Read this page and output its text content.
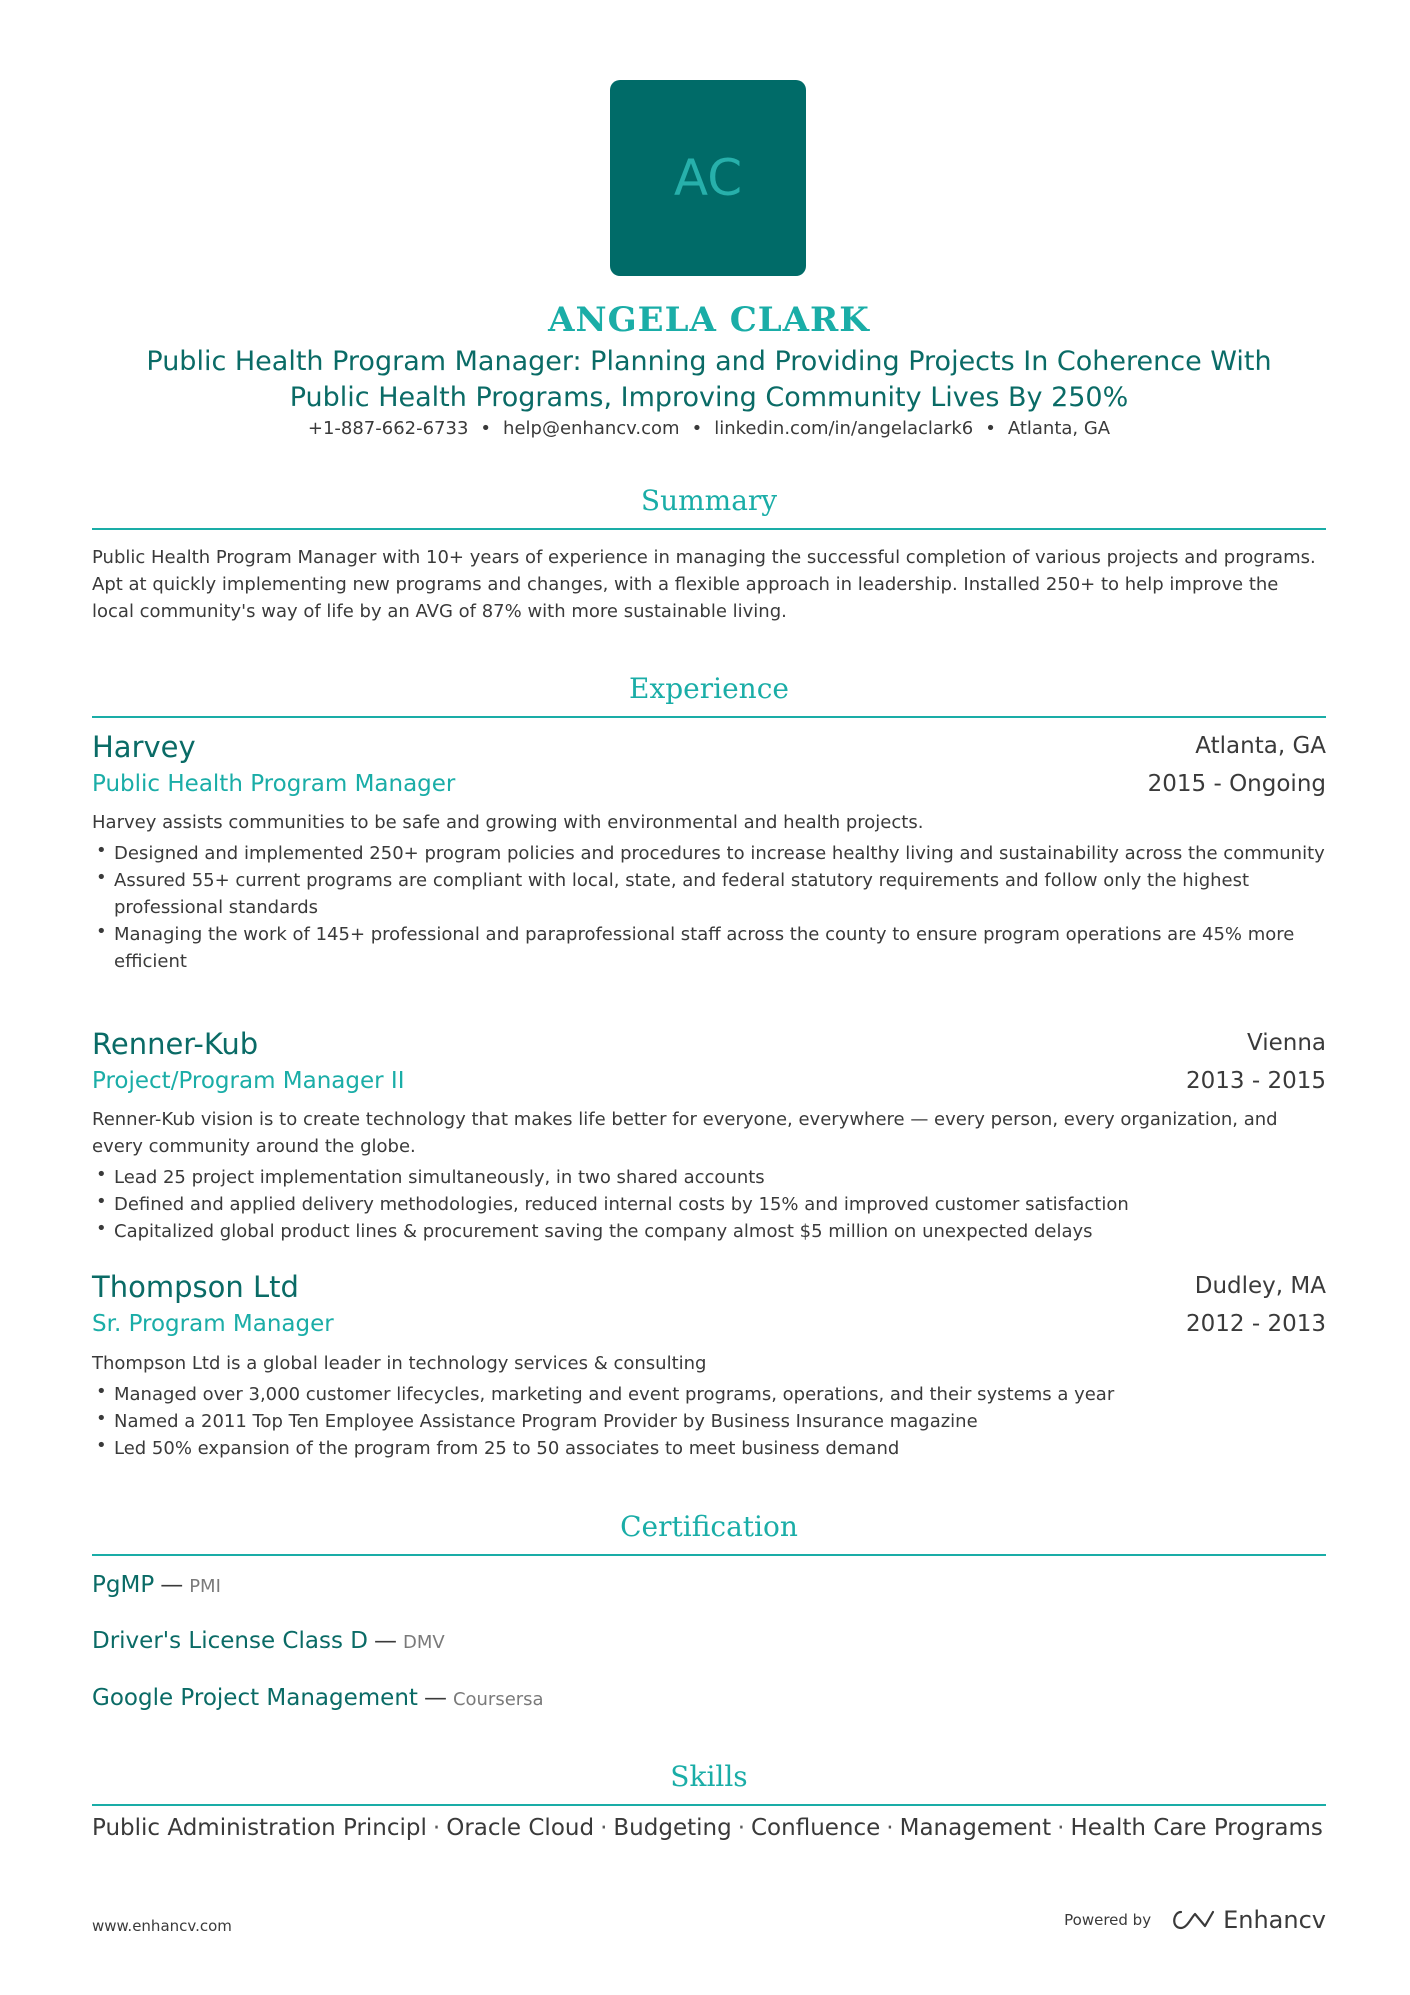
AC
ANGELA CLARK
Public Health Program Manager: Planning and Providing Projects In Coherence With
Public Health Programs, Improving Community Lives By 250%
+1-887-662-6733 • help@enhancv.com • linkedin.com/in/angelaclark6 • Atlanta, GA
Summary
Public Health Program Manager with 10+ years of experience in managing the successful completion of various projects and programs. Apt at quickly implementing new programs and changes, with a flexible approach in leadership. Installed 250+ to help improve the local community's way of life by an AVG of 87% with more sustainable living.
Experience
Harvey	Atlanta, GA
Public Health Program Manager	2015 - Ongoing
Harvey assists communities to be safe and growing with environmental and health projects.
• Designed and implemented 250+ program policies and procedures to increase healthy living and sustainability across the community
• Assured 55+ current programs are compliant with local, state, and federal statutory requirements and follow only the highest professional standards
• Managing the work of 145+ professional and paraprofessional staff across the county to ensure program operations are 45% more efficient
Renner-Kub	Vienna
Project/Program Manager II	2013 - 2015
Renner-Kub vision is to create technology that makes life better for everyone, everywhere — every person, every organization, and every community around the globe.
• Lead 25 project implementation simultaneously, in two shared accounts
• Defined and applied delivery methodologies, reduced internal costs by 15% and improved customer satisfaction
• Capitalized global product lines & procurement saving the company almost $5 million on unexpected delays
Thompson Ltd	Dudley, MA
Sr. Program Manager	2012 - 2013
Thompson Ltd is a global leader in technology services & consulting
• Managed over 3,000 customer lifecycles, marketing and event programs, operations, and their systems a year
• Named a 2011 Top Ten Employee Assistance Program Provider by Business Insurance magazine
• Led 50% expansion of the program from 25 to 50 associates to meet business demand
Certification
PgMP — PMI
Driver's License Class D — DMV
Google Project Management — Coursersa
Skills
Public Administration Principl · Oracle Cloud · Budgeting · Confluence · Management · Health Care Programs
www.enhancv.com	Powered by	Enhancv
